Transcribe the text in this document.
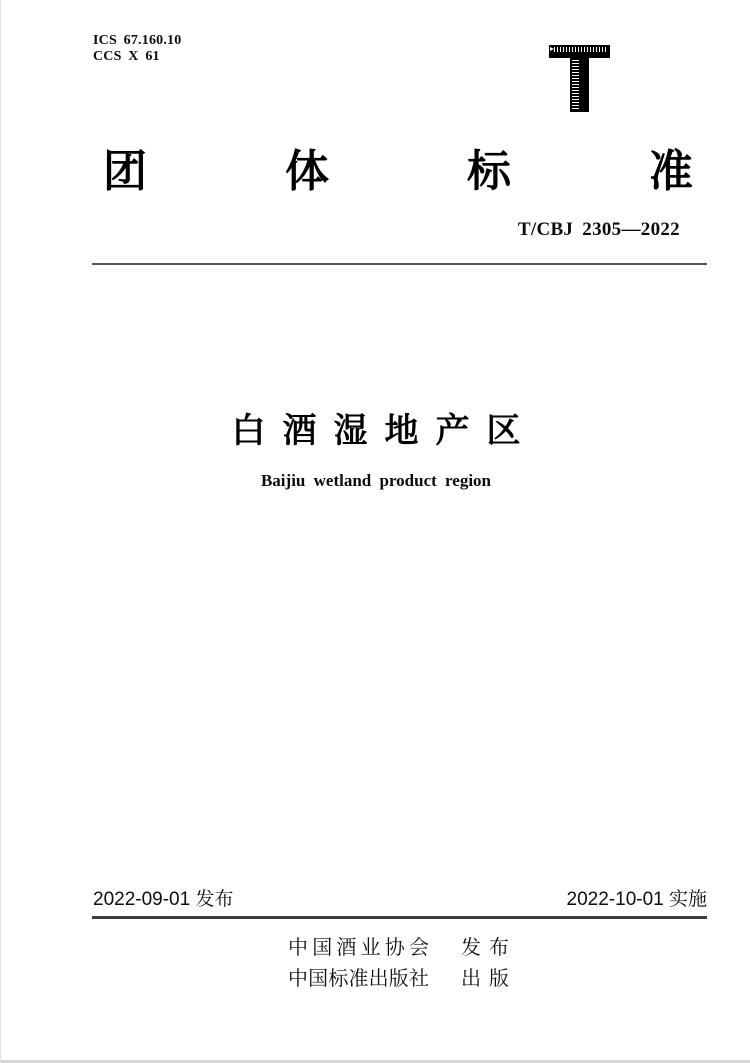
ICS 67.160.10
CCS X 61
团	体	标	准
T/CBJ 2305—2022
白酒湿地产区
Baijiu wetland product region
2022-09-01 发布	2022-10-01 实施
中 国 酒 业 协 会 发 布
中 国 标 准 出 版 社 出 版
